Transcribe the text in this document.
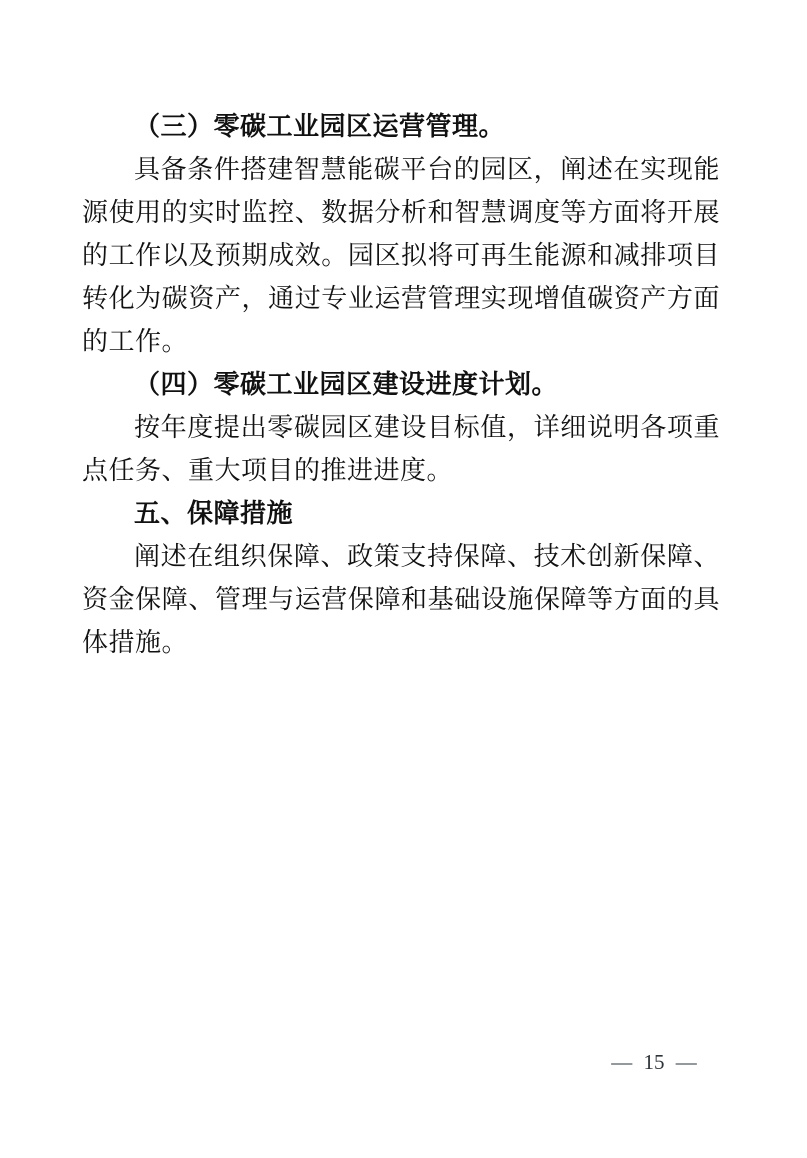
（三）零碳工业园区运营管理。

具备条件搭建智慧能碳平台的园区，阐述在实现能源使用的实时监控、数据分析和智慧调度等方面将开展的工作以及预期成效。园区拟将可再生能源和减排项目转化为碳资产，通过专业运营管理实现增值碳资产方面的工作。

（四）零碳工业园区建设进度计划。

按年度提出零碳园区建设目标值，详细说明各项重点任务、重大项目的推进进度。

五、保障措施

阐述在组织保障、政策支持保障、技术创新保障、资金保障、管理与运营保障和基础设施保障等方面的具体措施。

— 15 —
